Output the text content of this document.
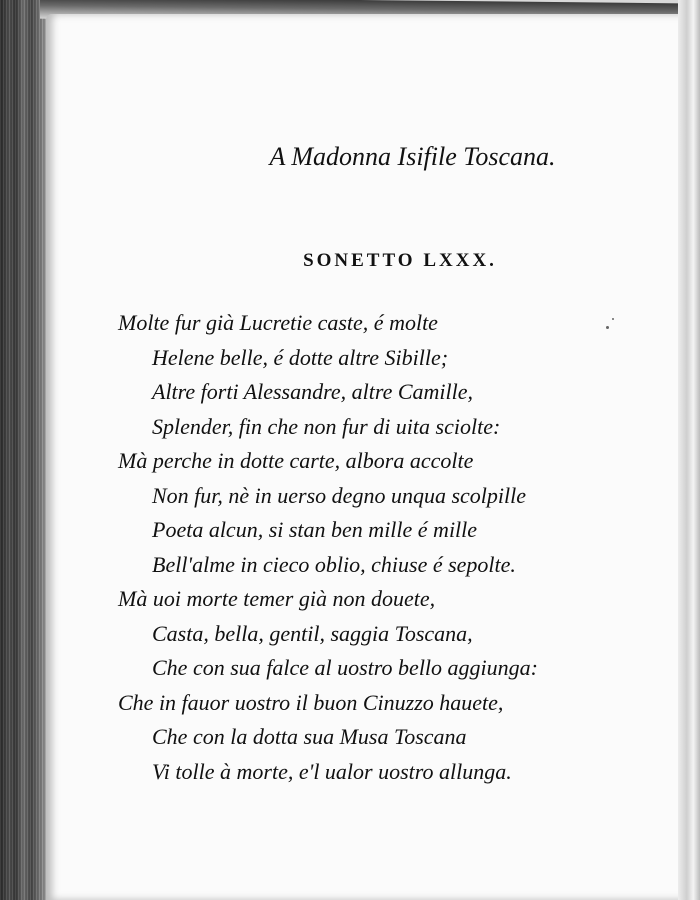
A Madonna Isifile Toscana.
SONETTO LXXX.
Molte fur già Lucretie caste, é molte
Helene belle, é dotte altre Sibille;
Altre forti Alessandre, altre Camille,
Splender, fin che non fur di uita sciolte:
Mà perche in dotte carte, albora accolte
Non fur, nè in uerso degno unqua scolpille
Poeta alcun, si stan ben mille é mille
Bell'alme in cieco oblio, chiuse é sepolte.
Mà uoi morte temer già non douete,
Casta, bella, gentil, saggia Toscana,
Che con sua falce al uostro bello aggiunga:
Che in fauor uostro il buon Cinuzzo hauete,
Che con la dotta sua Musa Toscana
Vi tolle à morte, e'l ualor uostro allunga.
